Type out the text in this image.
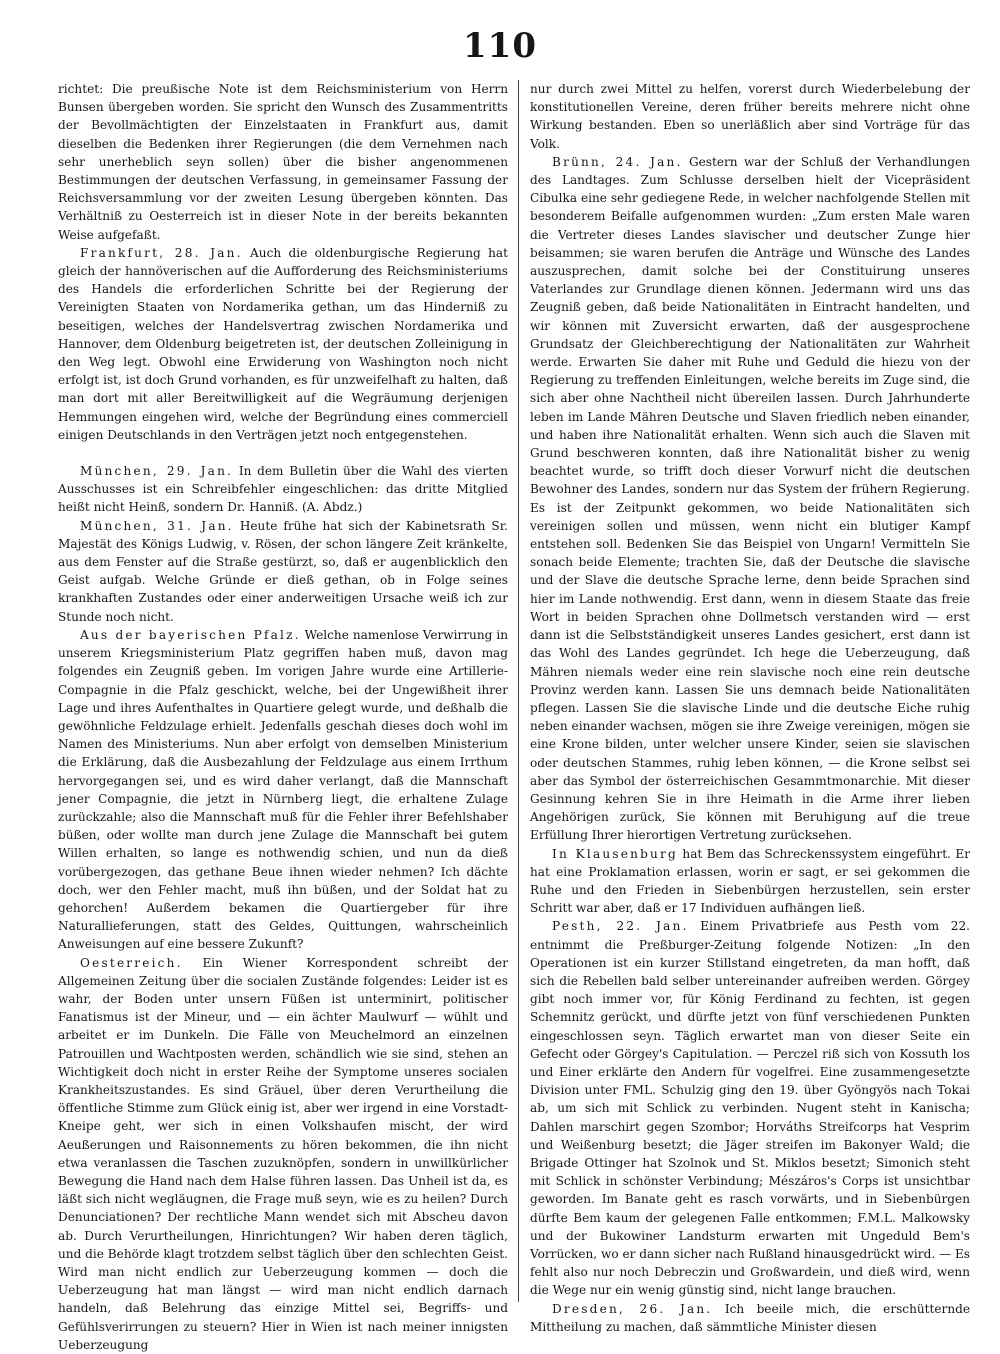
110

richtet: Die preußische Note ist dem Reichsministerium von Herrn Bunsen übergeben worden. Sie spricht den Wunsch des Zusammentritts der Bevollmächtigten der Einzelstaaten in Frankfurt aus, damit dieselben die Bedenken ihrer Regierungen (die dem Vernehmen nach sehr unerheblich seyn sollen) über die bisher angenommenen Bestimmungen der deutschen Verfassung, in gemeinsamer Fassung der Reichsversammlung vor der zweiten Lesung übergeben könnten. Das Verhältniß zu Oesterreich ist in dieser Note in der bereits bekannten Weise aufgefaßt.

Frankfurt, 28. Jan. Auch die oldenburgische Regierung hat gleich der hannöverischen auf die Aufforderung des Reichsministeriums des Handels die erforderlichen Schritte bei der Regierung der Vereinigten Staaten von Nordamerika gethan, um das Hinderniß zu beseitigen, welches der Handelsvertrag zwischen Nordamerika und Hannover, dem Oldenburg beigetreten ist, der deutschen Zolleinigung in den Weg legt. Obwohl eine Erwiderung von Washington noch nicht erfolgt ist, ist doch Grund vorhanden, es für unzweifelhaft zu halten, daß man dort mit aller Bereitwilligkeit auf die Wegräumung derjenigen Hemmungen eingehen wird, welche der Begründung eines commerciell einigen Deutschlands in den Verträgen jetzt noch entgegenstehen.

München, 29. Jan. In dem Bulletin über die Wahl des vierten Ausschusses ist ein Schreibfehler eingeschlichen: das dritte Mitglied heißt nicht Heinß, sondern Dr. Hanniß. (A. Abdz.)

München, 31. Jan. Heute frühe hat sich der Kabinetsrath Sr. Majestät des Königs Ludwig, v. Rösen, der schon längere Zeit kränkelte, aus dem Fenster auf die Straße gestürzt, so, daß er augenblicklich den Geist aufgab. Welche Gründe er dieß gethan, ob in Folge seines krankhaften Zustandes oder einer anderweitigen Ursache weiß ich zur Stunde noch nicht.

Aus der bayerischen Pfalz. Welche namenlose Verwirrung in unserem Kriegsministerium Platz gegriffen haben muß, davon mag folgendes ein Zeugniß geben. Im vorigen Jahre wurde eine Artillerie-Compagnie in die Pfalz geschickt, welche, bei der Ungewißheit ihrer Lage und ihres Aufenthaltes in Quartiere gelegt wurde, und deßhalb die gewöhnliche Feldzulage erhielt. Jedenfalls geschah dieses doch wohl im Namen des Ministeriums. Nun aber erfolgt von demselben Ministerium die Erklärung, daß die Ausbezahlung der Feldzulage aus einem Irrthum hervorgegangen sei, und es wird daher verlangt, daß die Mannschaft jener Compagnie, die jetzt in Nürnberg liegt, die erhaltene Zulage zurückzahle; also die Mannschaft muß für die Fehler ihrer Befehlshaber büßen, oder wollte man durch jene Zulage die Mannschaft bei gutem Willen erhalten, so lange es nothwendig schien, und nun da dieß vorübergezogen, das gethane Beue ihnen wieder nehmen? Ich dächte doch, wer den Fehler macht, muß ihn büßen, und der Soldat hat zu gehorchen! Außerdem bekamen die Quartiergeber für ihre Naturallieferungen, statt des Geldes, Quittungen, wahrscheinlich Anweisungen auf eine bessere Zukunft?

Oesterreich. Ein Wiener Korrespondent schreibt der Allgemeinen Zeitung über die socialen Zustände folgendes: Leider ist es wahr, der Boden unter unsern Füßen ist unterminirt, politischer Fanatismus ist der Mineur, und — ein ächter Maulwurf — wühlt und arbeitet er im Dunkeln. Die Fälle von Meuchelmord an einzelnen Patrouillen und Wachtposten werden, schändlich wie sie sind, stehen an Wichtigkeit doch nicht in erster Reihe der Symptome unseres socialen Krankheitszustandes. Es sind Gräuel, über deren Verurtheilung die öffentliche Stimme zum Glück einig ist, aber wer irgend in eine Vorstadt-Kneipe geht, wer sich in einen Volkshaufen mischt, der wird Aeußerungen und Raisonnements zu hören bekommen, die ihn nicht etwa veranlassen die Taschen zuzuknöpfen, sondern in unwillkürlicher Bewegung die Hand nach dem Halse führen lassen. Das Unheil ist da, es läßt sich nicht wegläugnen, die Frage muß seyn, wie es zu heilen? Durch Denunciationen? Der rechtliche Mann wendet sich mit Abscheu davon ab. Durch Verurtheilungen, Hinrichtungen? Wir haben deren täglich, und die Behörde klagt trotzdem selbst täglich über den schlechten Geist. Wird man nicht endlich zur Ueberzeugung kommen — doch die Ueberzeugung hat man längst — wird man nicht endlich darnach handeln, daß Belehrung das einzige Mittel sei, Begriffs- und Gefühlsverirrungen zu steuern? Hier in Wien ist nach meiner innigsten Ueberzeugung

nur durch zwei Mittel zu helfen, vorerst durch Wiederbelebung der konstitutionellen Vereine, deren früher bereits mehrere nicht ohne Wirkung bestanden. Eben so unerläßlich aber sind Vorträge für das Volk.

Brünn, 24. Jan. Gestern war der Schluß der Verhandlungen des Landtages. Zum Schlusse derselben hielt der Vicepräsident Cibulka eine sehr gediegene Rede, in welcher nachfolgende Stellen mit besonderem Beifalle aufgenommen wurden: „Zum ersten Male waren die Vertreter dieses Landes slavischer und deutscher Zunge hier beisammen; sie waren berufen die Anträge und Wünsche des Landes auszusprechen, damit solche bei der Constituirung unseres Vaterlandes zur Grundlage dienen können. Jedermann wird uns das Zeugniß geben, daß beide Nationalitäten in Eintracht handelten, und wir können mit Zuversicht erwarten, daß der ausgesprochene Grundsatz der Gleichberechtigung der Nationalitäten zur Wahrheit werde. Erwarten Sie daher mit Ruhe und Geduld die hiezu von der Regierung zu treffenden Einleitungen, welche bereits im Zuge sind, die sich aber ohne Nachtheil nicht übereilen lassen. Durch Jahrhunderte leben im Lande Mähren Deutsche und Slaven friedlich neben einander, und haben ihre Nationalität erhalten. Wenn sich auch die Slaven mit Grund beschweren konnten, daß ihre Nationalität bisher zu wenig beachtet wurde, so trifft doch dieser Vorwurf nicht die deutschen Bewohner des Landes, sondern nur das System der frühern Regierung. Es ist der Zeitpunkt gekommen, wo beide Nationalitäten sich vereinigen sollen und müssen, wenn nicht ein blutiger Kampf entstehen soll. Bedenken Sie das Beispiel von Ungarn! Vermitteln Sie sonach beide Elemente; trachten Sie, daß der Deutsche die slavische und der Slave die deutsche Sprache lerne, denn beide Sprachen sind hier im Lande nothwendig. Erst dann, wenn in diesem Staate das freie Wort in beiden Sprachen ohne Dollmetsch verstanden wird — erst dann ist die Selbstständigkeit unseres Landes gesichert, erst dann ist das Wohl des Landes gegründet. Ich hege die Ueberzeugung, daß Mähren niemals weder eine rein slavische noch eine rein deutsche Provinz werden kann. Lassen Sie uns demnach beide Nationalitäten pflegen. Lassen Sie die slavische Linde und die deutsche Eiche ruhig neben einander wachsen, mögen sie ihre Zweige vereinigen, mögen sie eine Krone bilden, unter welcher unsere Kinder, seien sie slavischen oder deutschen Stammes, ruhig leben können, — die Krone selbst sei aber das Symbol der österreichischen Gesammtmonarchie. Mit dieser Gesinnung kehren Sie in ihre Heimath in die Arme ihrer lieben Angehörigen zurück, Sie können mit Beruhigung auf die treue Erfüllung Ihrer hierortigen Vertretung zurücksehen.

In Klausenburg hat Bem das Schreckenssystem eingeführt. Er hat eine Proklamation erlassen, worin er sagt, er sei gekommen die Ruhe und den Frieden in Siebenbürgen herzustellen, sein erster Schritt war aber, daß er 17 Individuen aufhängen ließ.

Pesth, 22. Jan. Einem Privatbriefe aus Pesth vom 22. entnimmt die Preßburger-Zeitung folgende Notizen: „In den Operationen ist ein kurzer Stillstand eingetreten, da man hofft, daß sich die Rebellen bald selber untereinander aufreiben werden. Görgey gibt noch immer vor, für König Ferdinand zu fechten, ist gegen Schemnitz gerückt, und dürfte jetzt von fünf verschiedenen Punkten eingeschlossen seyn. Täglich erwartet man von dieser Seite ein Gefecht oder Görgey's Capitulation. — Perczel riß sich von Kossuth los und Einer erklärte den Andern für vogelfrei. Eine zusammengesetzte Division unter FML. Schulzig ging den 19. über Gyöngyös nach Tokai ab, um sich mit Schlick zu verbinden. Nugent steht in Kanischa; Dahlen marschirt gegen Szombor; Horváths Streifcorps hat Vesprim und Weißenburg besetzt; die Jäger streifen im Bakonyer Wald; die Brigade Ottinger hat Szolnok und St. Miklos besetzt; Simonich steht mit Schlick in schönster Verbindung; Mészáros's Corps ist unsichtbar geworden. Im Banate geht es rasch vorwärts, und in Siebenbürgen dürfte Bem kaum der gelegenen Falle entkommen; F.M.L. Malkowsky und der Bukowiner Landsturm erwarten mit Ungeduld Bem's Vorrücken, wo er dann sicher nach Rußland hinausgedrückt wird. — Es fehlt also nur noch Debreczin und Großwardein, und dieß wird, wenn die Wege nur ein wenig günstig sind, nicht lange brauchen.

Dresden, 26. Jan. Ich beeile mich, die erschütternde Mittheilung zu machen, daß sämmtliche Minister diesen
